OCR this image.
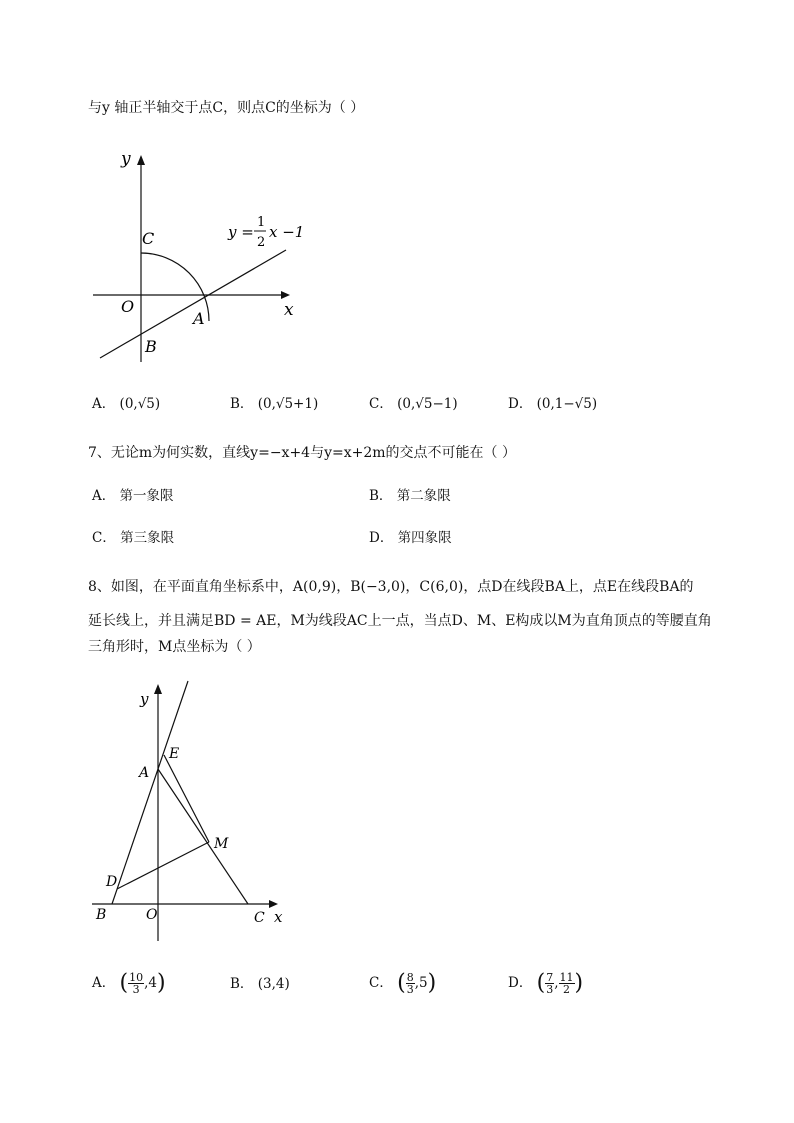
与y 轴正半轴交于点C，则点C的坐标为（ ）
y
x
O
A
B
C	y =
1
2
x −1
A． (0,√5)	B． (0,√5+1)	C． (0,√5−1)	D． (0,1−√5)
7、无论m为何实数，直线y=−x+4与y=x+2m的交点不可能在（ ）
A． 第一象限	B． 第二象限
C． 第三象限	D． 第四象限
8、如图，在平面直角坐标系中，A(0,9)，B(−3,0)，C(6,0)，点D在线段BA上，点E在线段BA的
延长线上，并且满足BD = AE，M为线段AC上一点，当点D、M、E构成以M为直角顶点的等腰直角
三角形时，M点坐标为（ ）
y
x
O
A
B	C
D
E
M
A． ( $\frac{10}{3} ,4$)	B． (3,4)	C． ( $\frac{8}{3} ,5$)	D． ( $\frac{7}{3}$ , $\frac{11}{2}$ )
